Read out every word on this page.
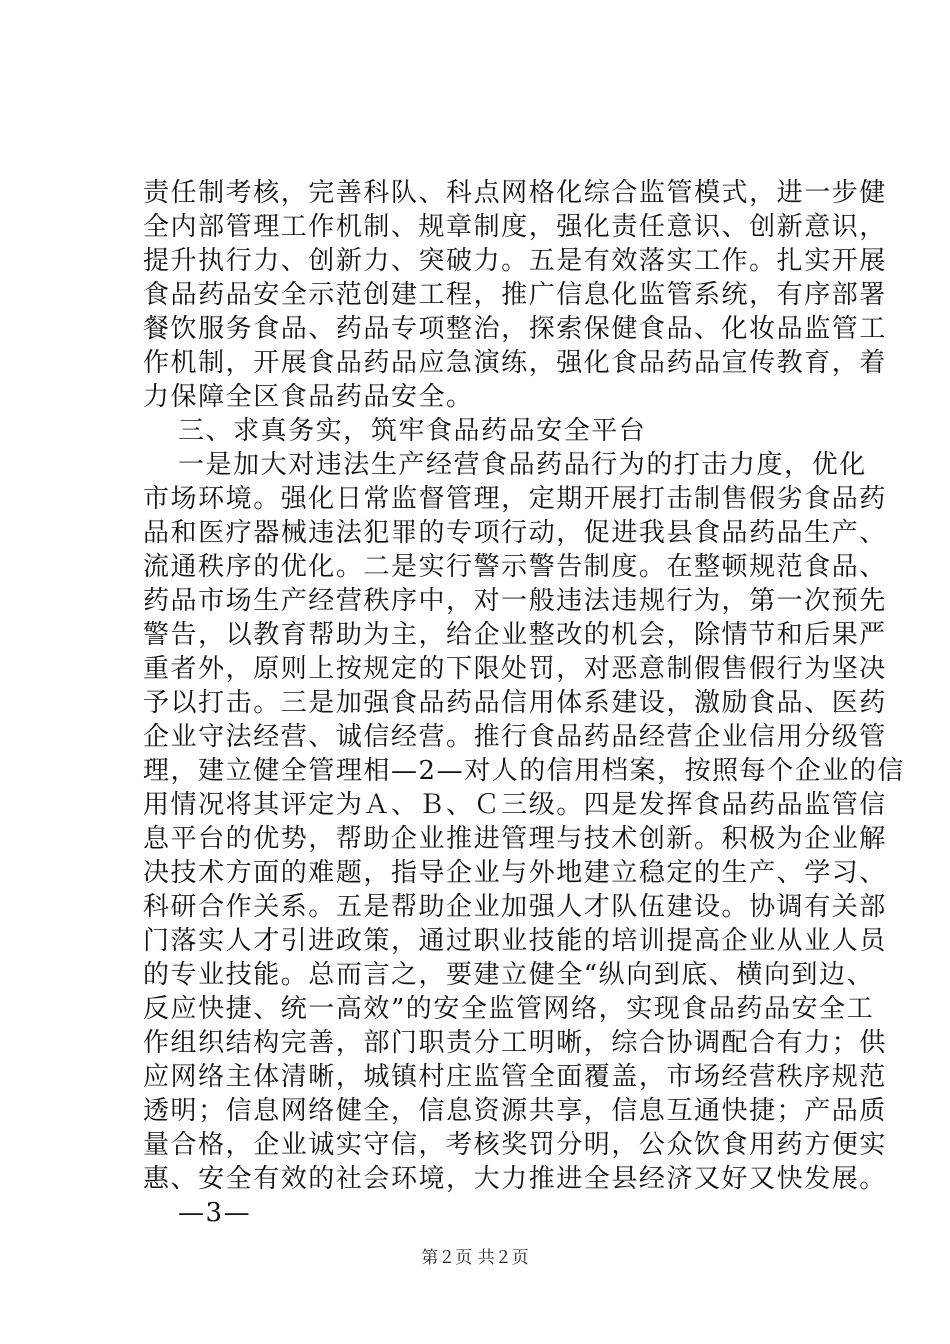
责任制考核，完善科队、科点网格化综合监管模式，进一步健
全内部管理工作机制、规章制度，强化责任意识、创新意识，
提升执行力、创新力、突破力。五是有效落实工作。扎实开展
食品药品安全示范创建工程，推广信息化监管系统，有序部署
餐饮服务食品、药品专项整治，探索保健食品、化妆品监管工
作机制，开展食品药品应急演练，强化食品药品宣传教育，着
力保障全区食品药品安全。
三、求真务实，筑牢食品药品安全平台
一是加大对违法生产经营食品药品行为的打击力度，优化
市场环境。强化日常监督管理，定期开展打击制售假劣食品药
品和医疗器械违法犯罪的专项行动，促进我县食品药品生产、
流通秩序的优化。二是实行警示警告制度。在整顿规范食品、
药品市场生产经营秩序中，对一般违法违规行为，第一次预先
警告，以教育帮助为主，给企业整改的机会，除情节和后果严
重者外，原则上按规定的下限处罚，对恶意制假售假行为坚决
予以打击。三是加强食品药品信用体系建设，激励食品、医药
企业守法经营、诚信经营。推行食品药品经营企业信用分级管
理，建立健全管理相—2—对人的信用档案，按照每个企业的信
用情况将其评定为Ａ、Ｂ、Ｃ三级。四是发挥食品药品监管信
息平台的优势，帮助企业推进管理与技术创新。积极为企业解
决技术方面的难题，指导企业与外地建立稳定的生产、学习、
科研合作关系。五是帮助企业加强人才队伍建设。协调有关部
门落实人才引进政策，通过职业技能的培训提高企业从业人员
的专业技能。总而言之，要建立健全“纵向到底、横向到边、
反应快捷、统一高效”的安全监管网络，实现食品药品安全工
作组织结构完善，部门职责分工明晰，综合协调配合有力；供
应网络主体清晰，城镇村庄监管全面覆盖，市场经营秩序规范
透明；信息网络健全，信息资源共享，信息互通快捷；产品质
量合格，企业诚实守信，考核奖罚分明，公众饮食用药方便实
惠、安全有效的社会环境，大力推进全县经济又好又快发展。
—3—
第２页 共２页
